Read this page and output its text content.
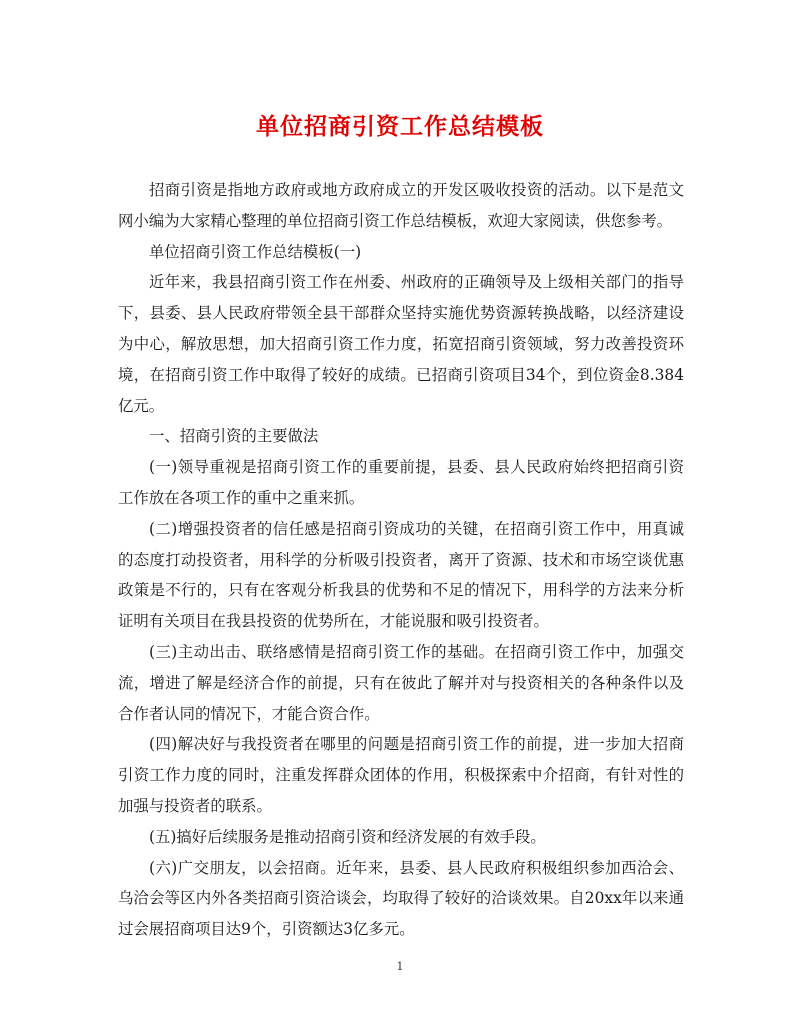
单位招商引资工作总结模板

招商引资是指地方政府或地方政府成立的开发区吸收投资的活动。以下是范文网小编为大家精心整理的单位招商引资工作总结模板，欢迎大家阅读，供您参考。

单位招商引资工作总结模板(一)

近年来，我县招商引资工作在州委、州政府的正确领导及上级相关部门的指导下，县委、县人民政府带领全县干部群众坚持实施优势资源转换战略，以经济建设为中心，解放思想，加大招商引资工作力度，拓宽招商引资领域，努力改善投资环境，在招商引资工作中取得了较好的成绩。已招商引资项目34个，到位资金8.384亿元。

一、招商引资的主要做法

(一)领导重视是招商引资工作的重要前提，县委、县人民政府始终把招商引资工作放在各项工作的重中之重来抓。

(二)增强投资者的信任感是招商引资成功的关键，在招商引资工作中，用真诚的态度打动投资者，用科学的分析吸引投资者，离开了资源、技术和市场空谈优惠政策是不行的，只有在客观分析我县的优势和不足的情况下，用科学的方法来分析证明有关项目在我县投资的优势所在，才能说服和吸引投资者。

(三)主动出击、联络感情是招商引资工作的基础。在招商引资工作中，加强交流，增进了解是经济合作的前提，只有在彼此了解并对与投资相关的各种条件以及合作者认同的情况下，才能合资合作。

(四)解决好与我投资者在哪里的问题是招商引资工作的前提，进一步加大招商引资工作力度的同时，注重发挥群众团体的作用，积极探索中介招商，有针对性的加强与投资者的联系。

(五)搞好后续服务是推动招商引资和经济发展的有效手段。

(六)广交朋友，以会招商。近年来，县委、县人民政府积极组织参加西洽会、乌洽会等区内外各类招商引资洽谈会，均取得了较好的洽谈效果。自20xx年以来通过会展招商项目达9个，引资额达3亿多元。

1
